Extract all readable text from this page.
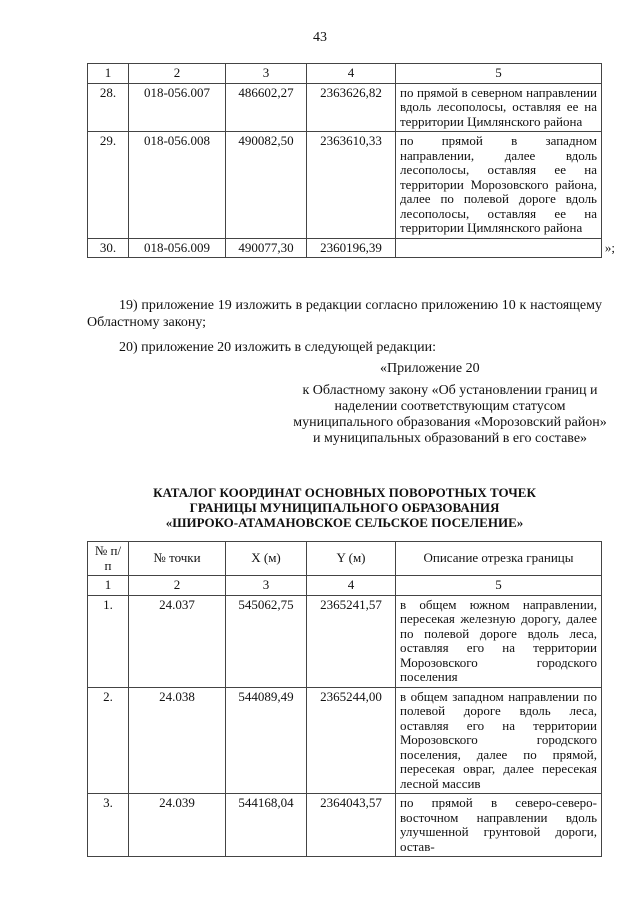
43
1	2	3	4	5
28.	018-056.007	486602,27	2363626,82	по прямой в северном направлении вдоль лесополосы, оставляя ее на территории Цимлянского района
29.	018-056.008	490082,50	2363610,33	по прямой в западном направлении, далее вдоль лесополосы, оставляя ее на территории Морозовского района, далее по полевой дороге вдоль лесополосы, оставляя ее на территории Цимлянского района
30.	018-056.009	490077,30	2360196,39	»;
19) приложение 19 изложить в редакции согласно приложению 10 к настоящему Областному закону;
20) приложение 20 изложить в следующей редакции:
«Приложение 20
к Областному закону «Об установлении границ и наделении соответствующим статусом муниципального образования «Морозовский район» и муниципальных образований в его составе»
КАТАЛОГ КООРДИНАТ ОСНОВНЫХ ПОВОРОТНЫХ ТОЧЕК
ГРАНИЦЫ МУНИЦИПАЛЬНОГО ОБРАЗОВАНИЯ
«ШИРОКО-АТАМАНОВСКОЕ СЕЛЬСКОЕ ПОСЕЛЕНИЕ»
№ п/п	№ точки	X (м)	Y (м)	Описание отрезка границы
1	2	3	4	5
1.	24.037	545062,75	2365241,57	в общем южном направлении, пересекая железную дорогу, далее по полевой дороге вдоль леса, оставляя его на территории Морозовского городского поселения
2.	24.038	544089,49	2365244,00	в общем западном направлении по полевой дороге вдоль леса, оставляя его на территории Морозовского городского поселения, далее по прямой, пересекая овраг, далее пересекая лесной массив
3.	24.039	544168,04	2364043,57	по прямой в северо-северо-восточном направлении вдоль улучшенной грунтовой дороги, остав-
